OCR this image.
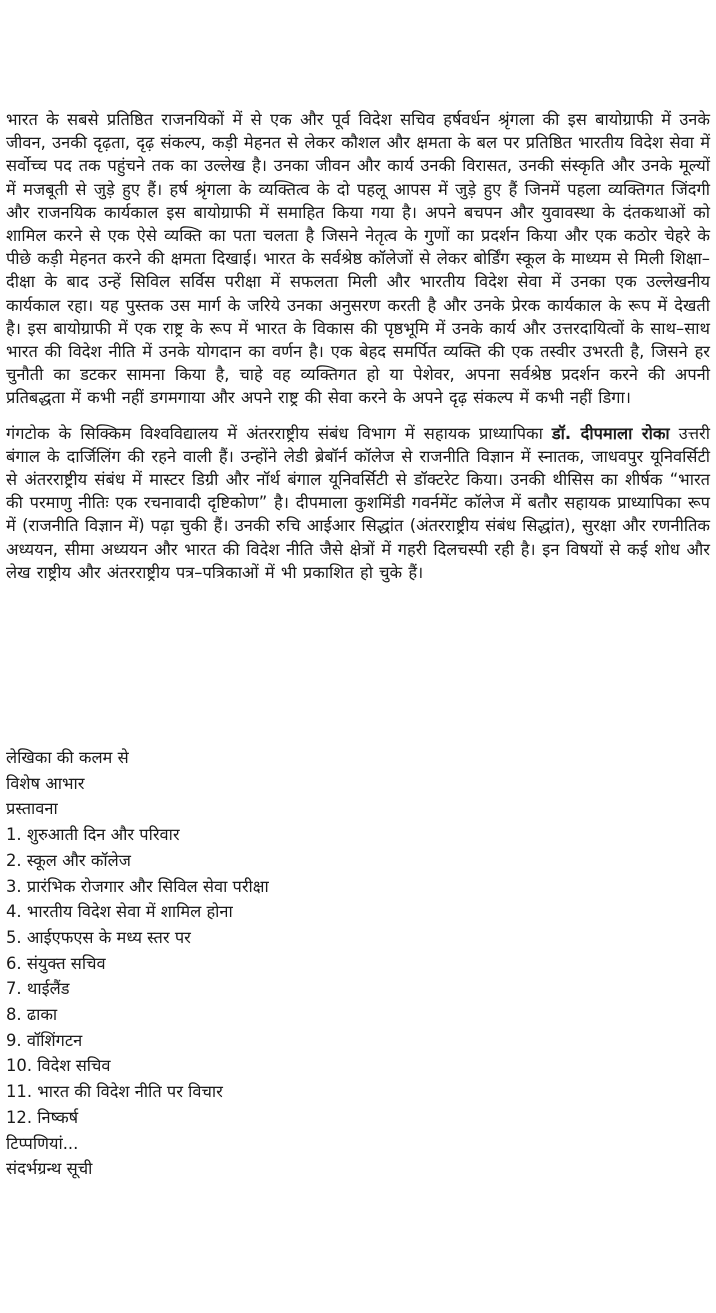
भारत के सबसे प्रतिष्ठित राजनयिकों में से एक और पूर्व विदेश सचिव हर्षवर्धन श्रृंगला की इस बायोग्राफी में उनके जीवन, उनकी दृढ़ता, दृढ़ संकल्प, कड़ी मेहनत से लेकर कौशल और क्षमता के बल पर प्रतिष्ठित भारतीय विदेश सेवा में सर्वोच्च पद तक पहुंचने तक का उल्लेख है। उनका जीवन और कार्य उनकी विरासत, उनकी संस्कृति और उनके मूल्यों में मजबूती से जुड़े हुए हैं। हर्ष श्रृंगला के व्यक्तित्व के दो पहलू आपस में जुड़े हुए हैं जिनमें पहला व्यक्तिगत जिंदगी और राजनयिक कार्यकाल इस बायोग्राफी में समाहित किया गया है। अपने बचपन और युवावस्था के दंतकथाओं को शामिल करने से एक ऐसे व्यक्ति का पता चलता है जिसने नेतृत्व के गुणों का प्रदर्शन किया और एक कठोर चेहरे के पीछे कड़ी मेहनत करने की क्षमता दिखाई। भारत के सर्वश्रेष्ठ कॉलेजों से लेकर बोर्डिंग स्कूल के माध्यम से मिली शिक्षा–दीक्षा के बाद उन्हें सिविल सर्विस परीक्षा में सफलता मिली और भारतीय विदेश सेवा में उनका एक उल्लेखनीय कार्यकाल रहा। यह पुस्तक उस मार्ग के जरिये उनका अनुसरण करती है और उनके प्रेरक कार्यकाल के रूप में देखती है। इस बायोग्राफी में एक राष्ट्र के रूप में भारत के विकास की पृष्ठभूमि में उनके कार्य और उत्तरदायित्वों के साथ–साथ भारत की विदेश नीति में उनके योगदान का वर्णन है। एक बेहद समर्पित व्यक्ति की एक तस्वीर उभरती है, जिसने हर चुनौती का डटकर सामना किया है, चाहे वह व्यक्तिगत हो या पेशेवर, अपना सर्वश्रेष्ठ प्रदर्शन करने की अपनी प्रतिबद्धता में कभी नहीं डगमगाया और अपने राष्ट्र की सेवा करने के अपने दृढ़ संकल्प में कभी नहीं डिगा।

गंगटोक के सिक्किम विश्वविद्यालय में अंतरराष्ट्रीय संबंध विभाग में सहायक प्राध्यापिका डॉ. दीपमाला रोका उत्तरी बंगाल के दार्जिलिंग की रहने वाली हैं। उन्होंने लेडी ब्रेबॉर्न कॉलेज से राजनीति विज्ञान में स्नातक, जाधवपुर यूनिवर्सिटी से अंतरराष्ट्रीय संबंध में मास्टर डिग्री और नॉर्थ बंगाल यूनिवर्सिटी से डॉक्टरेट किया। उनकी थीसिस का शीर्षक “भारत की परमाणु नीतिः एक रचनावादी दृष्टिकोण” है। दीपमाला कुशमिंडी गवर्नमेंट कॉलेज में बतौर सहायक प्राध्यापिका रूप में (राजनीति विज्ञान में) पढ़ा चुकी हैं। उनकी रुचि आईआर सिद्धांत (अंतरराष्ट्रीय संबंध सिद्धांत), सुरक्षा और रणनीतिक अध्ययन, सीमा अध्ययन और भारत की विदेश नीति जैसे क्षेत्रों में गहरी दिलचस्पी रही है। इन विषयों से कई शोध और लेख राष्ट्रीय और अंतरराष्ट्रीय पत्र–पत्रिकाओं में भी प्रकाशित हो चुके हैं।

लेखिका की कलम से
विशेष आभार
प्रस्तावना
1. शुरुआती दिन और परिवार
2. स्कूल और कॉलेज
3. प्रारंभिक रोजगार और सिविल सेवा परीक्षा
4. भारतीय विदेश सेवा में शामिल होना
5. आईएफएस के मध्य स्तर पर
6. संयुक्त सचिव
7. थाईलैंड
8. ढाका
9. वॉशिंगटन
10. विदेश सचिव
11. भारत की विदेश नीति पर विचार
12. निष्कर्ष
टिप्पणियां...
संदर्भग्रन्थ सूची
